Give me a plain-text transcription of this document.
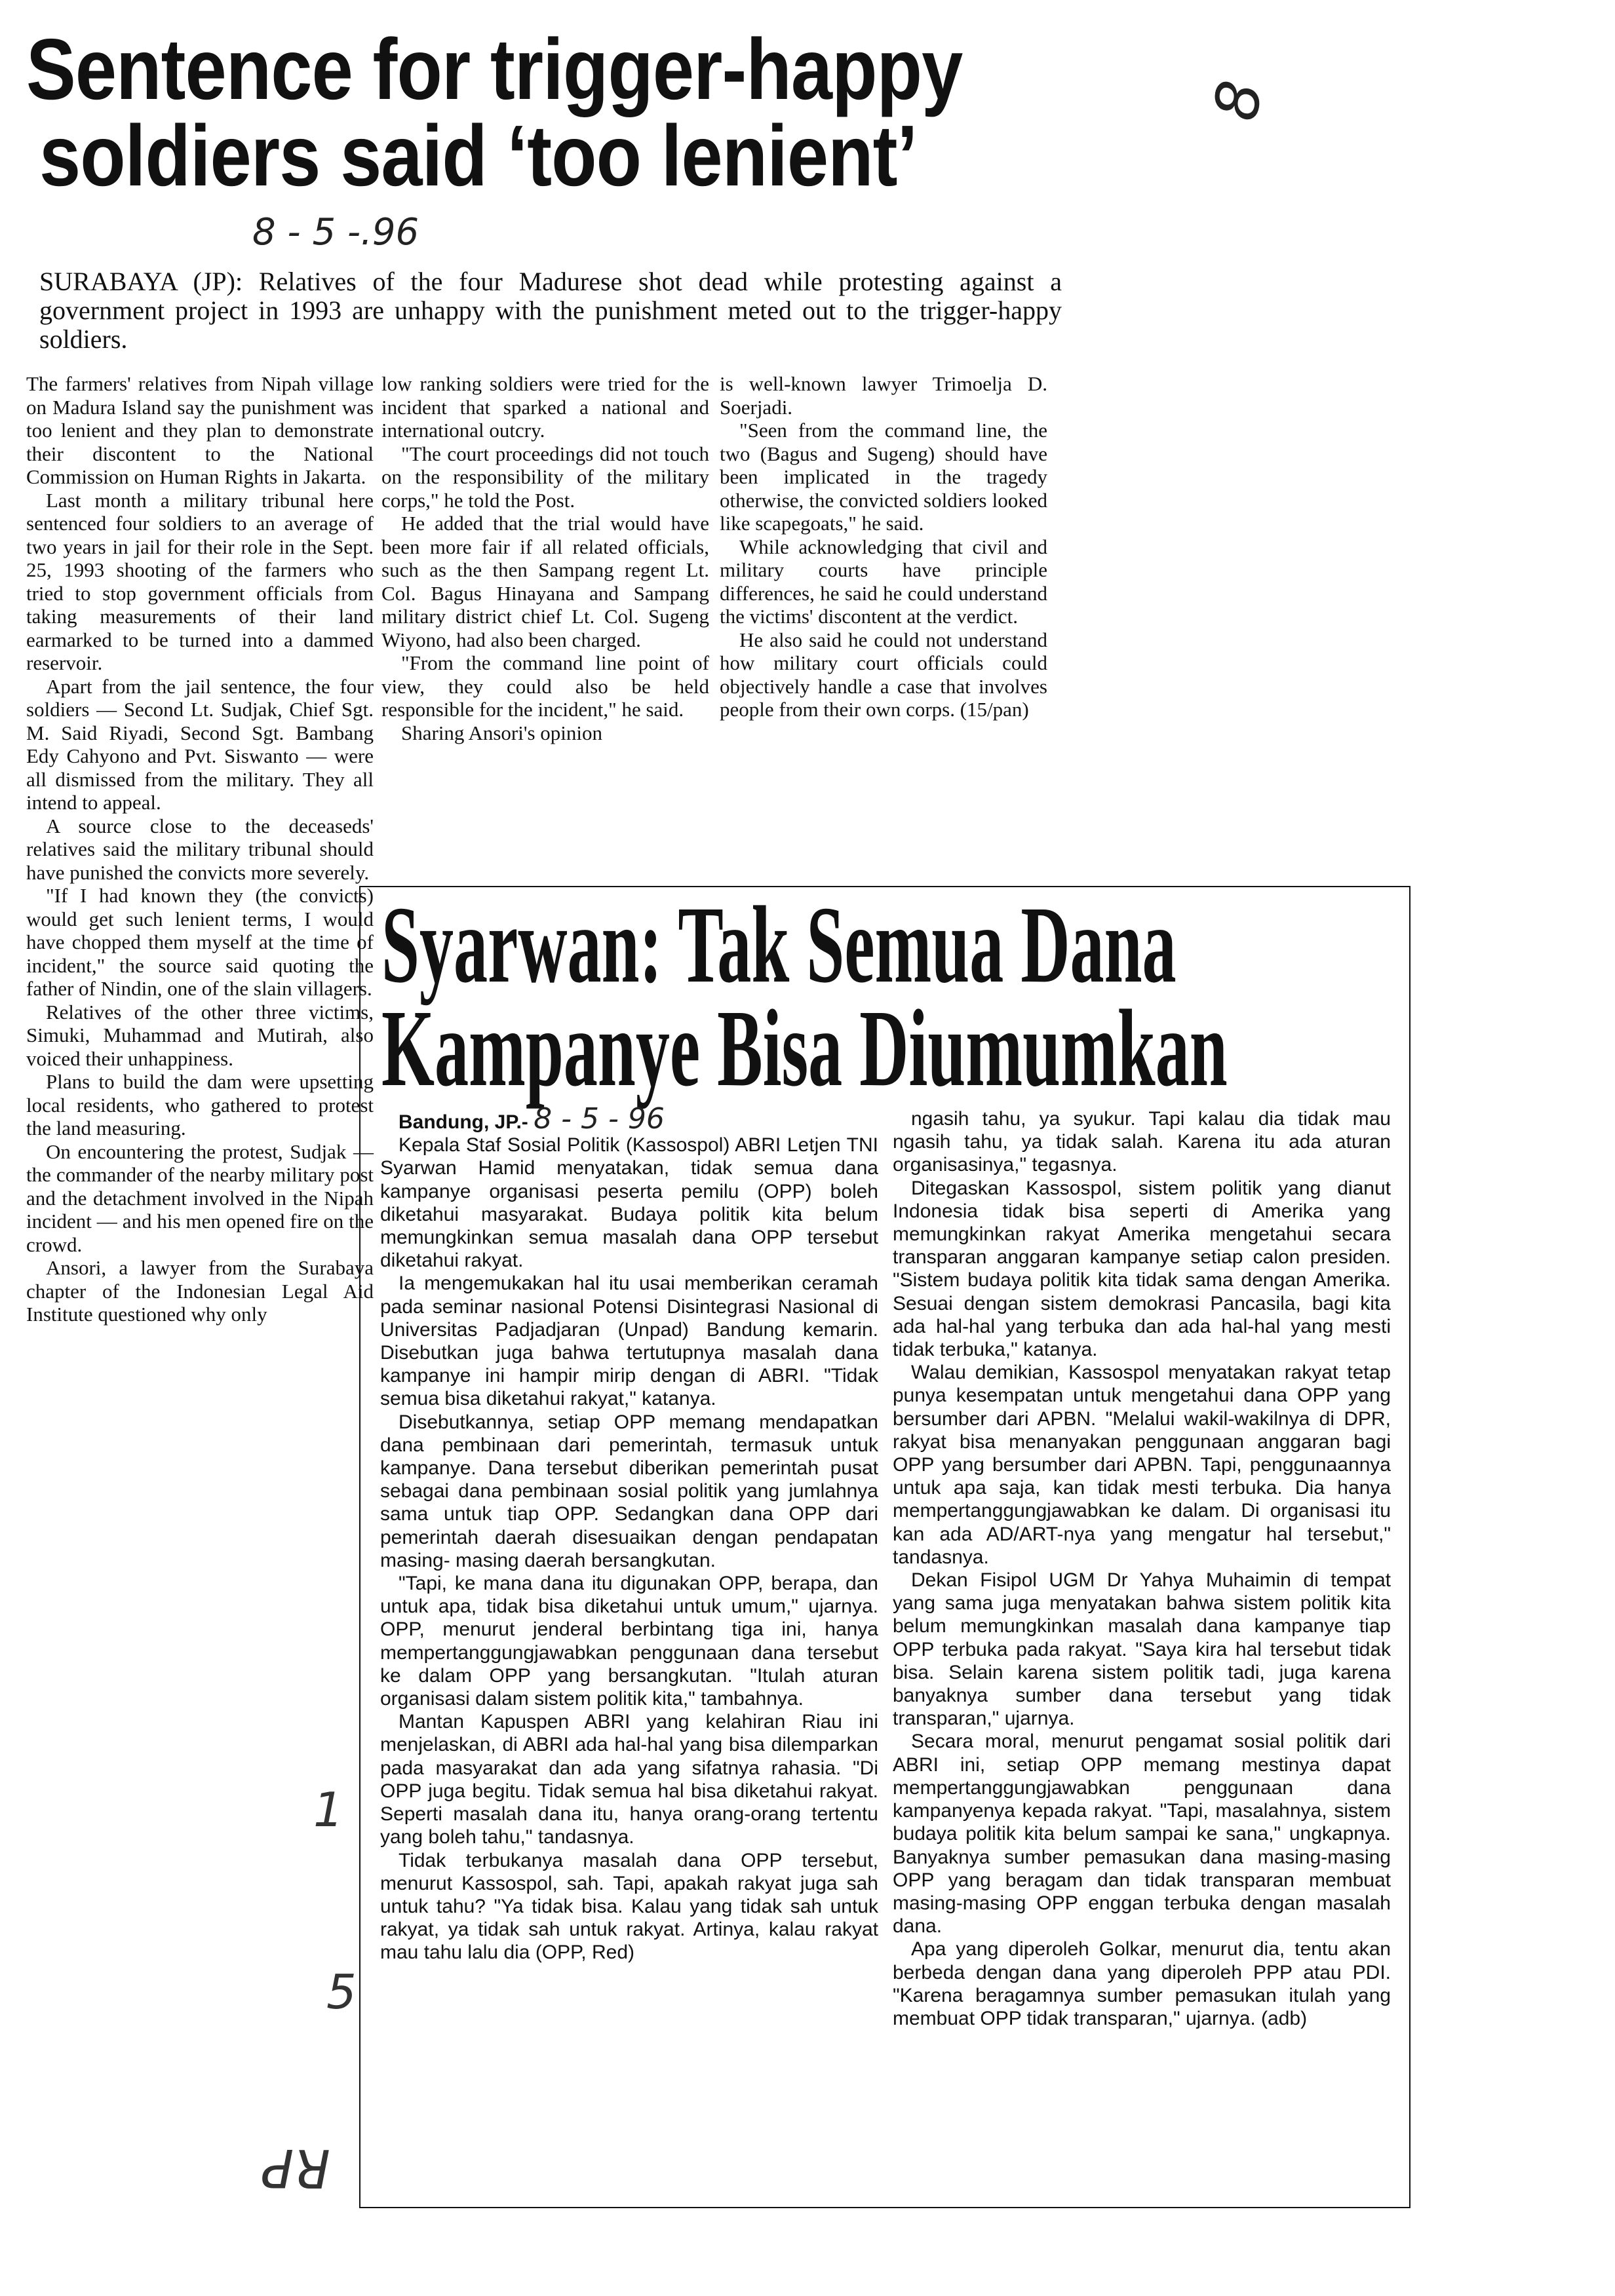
Sentence for trigger-happy
soldiers said ‘too lenient’
8 - 5 -.96

SURABAYA (JP): Relatives of the four Madurese shot dead while protesting against a government project in 1993 are unhappy with the punishment meted out to the trigger-happy soldiers.

The farmers' relatives from Nipah village on Madura Island say the punishment was too lenient and they plan to demonstrate their discontent to the National Commission on Human Rights in Jakarta.

Last month a military tribunal here sentenced four soldiers to an average of two years in jail for their role in the Sept. 25, 1993 shooting of the farmers who tried to stop government officials from taking measurements of their land earmarked to be turned into a dammed reservoir.

Apart from the jail sentence, the four soldiers — Second Lt. Sudjak, Chief Sgt. M. Said Riyadi, Second Sgt. Bambang Edy Cahyono and Pvt. Siswanto — were all dismissed from the military. They all intend to appeal.

A source close to the deceaseds' relatives said the military tribunal should have punished the convicts more severely.

"If I had known they (the convicts) would get such lenient terms, I would have chopped them myself at the time of incident," the source said quoting the father of Nindin, one of the slain villagers.

Relatives of the other three victims, Simuki, Muhammad and Mutirah, also voiced their unhappiness.

Plans to build the dam were upsetting local residents, who gathered to protest the land measuring.

On encountering the protest, Sudjak — the commander of the nearby military post and the detachment involved in the Nipah incident — and his men opened fire on the crowd.

Ansori, a lawyer from the Surabaya chapter of the Indonesian Legal Aid Institute questioned why only

low ranking soldiers were tried for the incident that sparked a national and international outcry.

"The court proceedings did not touch on the responsibility of the military corps," he told the Post.

He added that the trial would have been more fair if all related officials, such as the then Sampang regent Lt. Col. Bagus Hinayana and Sampang military district chief Lt. Col. Sugeng Wiyono, had also been charged.

"From the command line point of view, they could also be held responsible for the incident," he said.

Sharing Ansori's opinion

is well-known lawyer Trimoelja D. Soerjadi.

"Seen from the command line, the two (Bagus and Sugeng) should have been implicated in the tragedy otherwise, the convicted soldiers looked like scapegoats," he said.

While acknowledging that civil and military courts have principle differences, he said he could understand the victims' discontent at the verdict.

He also said he could not understand how military court officials could objectively handle a case that involves people from their own corps. (15/pan)

8
Syarwan: Tak Semua Dana
Kampanye Bisa Diumumkan

Bandung, JP.- 8 - 5 - 96

Kepala Staf Sosial Politik (Kassospol) ABRI Letjen TNI Syarwan Hamid menyatakan, tidak semua dana kampanye organisasi peserta pemilu (OPP) boleh diketahui masyarakat. Budaya politik kita belum memungkinkan semua masalah dana OPP tersebut diketahui rakyat.

Ia mengemukakan hal itu usai memberikan ceramah pada seminar nasional Potensi Disintegrasi Nasional di Universitas Padjadjaran (Unpad) Bandung kemarin. Disebutkan juga bahwa tertutupnya masalah dana kampanye ini hampir mirip dengan di ABRI. "Tidak semua bisa diketahui rakyat," katanya.

Disebutkannya, setiap OPP memang mendapatkan dana pembinaan dari pemerintah, termasuk untuk kampanye. Dana tersebut diberikan pemerintah pusat sebagai dana pembinaan sosial politik yang jumlahnya sama untuk tiap OPP. Sedangkan dana OPP dari pemerintah daerah disesuaikan dengan pendapatan masing- masing daerah bersangkutan.

"Tapi, ke mana dana itu digunakan OPP, berapa, dan untuk apa, tidak bisa diketahui untuk umum," ujarnya. OPP, menurut jenderal berbintang tiga ini, hanya mempertanggungjawabkan penggunaan dana tersebut ke dalam OPP yang bersangkutan. "Itulah aturan organisasi dalam sistem politik kita," tambahnya.

Mantan Kapuspen ABRI yang kelahiran Riau ini menjelaskan, di ABRI ada hal-hal yang bisa dilemparkan pada masyarakat dan ada yang sifatnya rahasia. "Di OPP juga begitu. Tidak semua hal bisa diketahui rakyat. Seperti masalah dana itu, hanya orang-orang tertentu yang boleh tahu," tandasnya.

Tidak terbukanya masalah dana OPP tersebut, menurut Kassospol, sah. Tapi, apakah rakyat juga sah untuk tahu? "Ya tidak bisa. Kalau yang tidak sah untuk rakyat, ya tidak sah untuk rakyat. Artinya, kalau rakyat mau tahu lalu dia (OPP, Red)

ngasih tahu, ya syukur. Tapi kalau dia tidak mau ngasih tahu, ya tidak salah. Karena itu ada aturan organisasinya," tegasnya.

Ditegaskan Kassospol, sistem politik yang dianut Indonesia tidak bisa seperti di Amerika yang memungkinkan rakyat Amerika mengetahui secara transparan anggaran kampanye setiap calon presiden. "Sistem budaya politik kita tidak sama dengan Amerika. Sesuai dengan sistem demokrasi Pancasila, bagi kita ada hal-hal yang terbuka dan ada hal-hal yang mesti tidak terbuka," katanya.

Walau demikian, Kassospol menyatakan rakyat tetap punya kesempatan untuk mengetahui dana OPP yang bersumber dari APBN. "Melalui wakil-wakilnya di DPR, rakyat bisa menanyakan penggunaan anggaran bagi OPP yang bersumber dari APBN. Tapi, penggunaannya untuk apa saja, kan tidak mesti terbuka. Dia hanya mempertanggungjawabkan ke dalam. Di organisasi itu kan ada AD/ART-nya yang mengatur hal tersebut," tandasnya.

Dekan Fisipol UGM Dr Yahya Muhaimin di tempat yang sama juga menyatakan bahwa sistem politik kita belum memungkinkan masalah dana kampanye tiap OPP terbuka pada rakyat. "Saya kira hal tersebut tidak bisa. Selain karena sistem politik tadi, juga karena banyaknya sumber dana tersebut yang tidak transparan," ujarnya.

Secara moral, menurut pengamat sosial politik dari ABRI ini, setiap OPP memang mestinya dapat mempertanggungjawabkan penggunaan dana kampanyenya kepada rakyat. "Tapi, masalahnya, sistem budaya politik kita belum sampai ke sana," ungkapnya. Banyaknya sumber pemasukan dana masing-masing OPP yang beragam dan tidak transparan membuat masing-masing OPP enggan terbuka dengan masalah dana.

Apa yang diperoleh Golkar, menurut dia, tentu akan berbeda dengan dana yang diperoleh PPP atau PDI. "Karena beragamnya sumber pemasukan itulah yang membuat OPP tidak transparan," ujarnya. (adb)

1
5
RP
